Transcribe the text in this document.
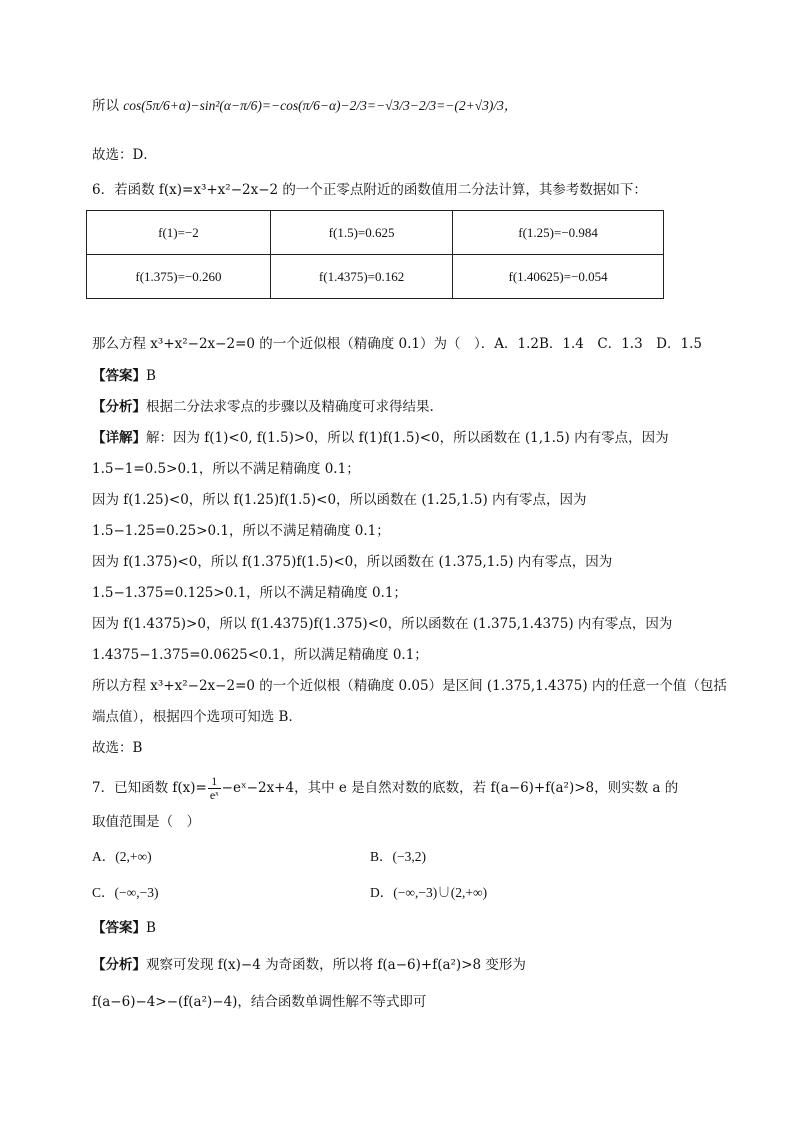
所以 cos(5π/6+α)−sin²(α−π/6)=−cos(π/6−α)−2/3=−√3/3−2/3=−(2+√3)/3，
故选：D．
6．若函数 f(x)=x³+x²−2x−2 的一个正零点附近的函数值用二分法计算，其参考数据如下：
f(1)=−2	f(1.5)=0.625	f(1.25)=−0.984
f(1.375)=−0.260	f(1.4375)=0.162	f(1.40625)=−0.054
那么方程 x³+x²−2x−2=0 的一个近似根（精确度 0.1）为（　）．A．1.2B．1.4　C．1.3　D．1.5
【答案】B
【分析】根据二分法求零点的步骤以及精确度可求得结果.
【详解】解：因为 f(1)<0, f(1.5)>0，所以 f(1)f(1.5)<0，所以函数在 (1,1.5) 内有零点，因为
1.5−1=0.5>0.1，所以不满足精确度 0.1；
因为 f(1.25)<0，所以 f(1.25)f(1.5)<0，所以函数在 (1.25,1.5) 内有零点，因为
1.5−1.25=0.25>0.1，所以不满足精确度 0.1；
因为 f(1.375)<0，所以 f(1.375)f(1.5)<0，所以函数在 (1.375,1.5) 内有零点，因为
1.5−1.375=0.125>0.1，所以不满足精确度 0.1；
因为 f(1.4375)>0，所以 f(1.4375)f(1.375)<0，所以函数在 (1.375,1.4375) 内有零点，因为
1.4375−1.375=0.0625<0.1，所以满足精确度 0.1；
所以方程 x³+x²−2x−2=0 的一个近似根（精确度 0.05）是区间 (1.375,1.4375) 内的任意一个值（包括
端点值），根据四个选项可知选 B．
故选：B
7．已知函数 $f(x)= \frac{1}{\text{eˣ}}$ −eˣ−2x+4，其中 e 是自然对数的底数，若 f(a−6)+f(a²)>8，则实数 a 的
取值范围是（　）
A．(2,+∞)	B．(−3,2)
C．(−∞,−3)	D．(−∞,−3)∪(2,+∞)
【答案】B
【分析】观察可发现 f(x)−4 为奇函数，所以将 f(a−6)+f(a²)>8 变形为
f(a−6)−4>−(f(a²)−4)，结合函数单调性解不等式即可
